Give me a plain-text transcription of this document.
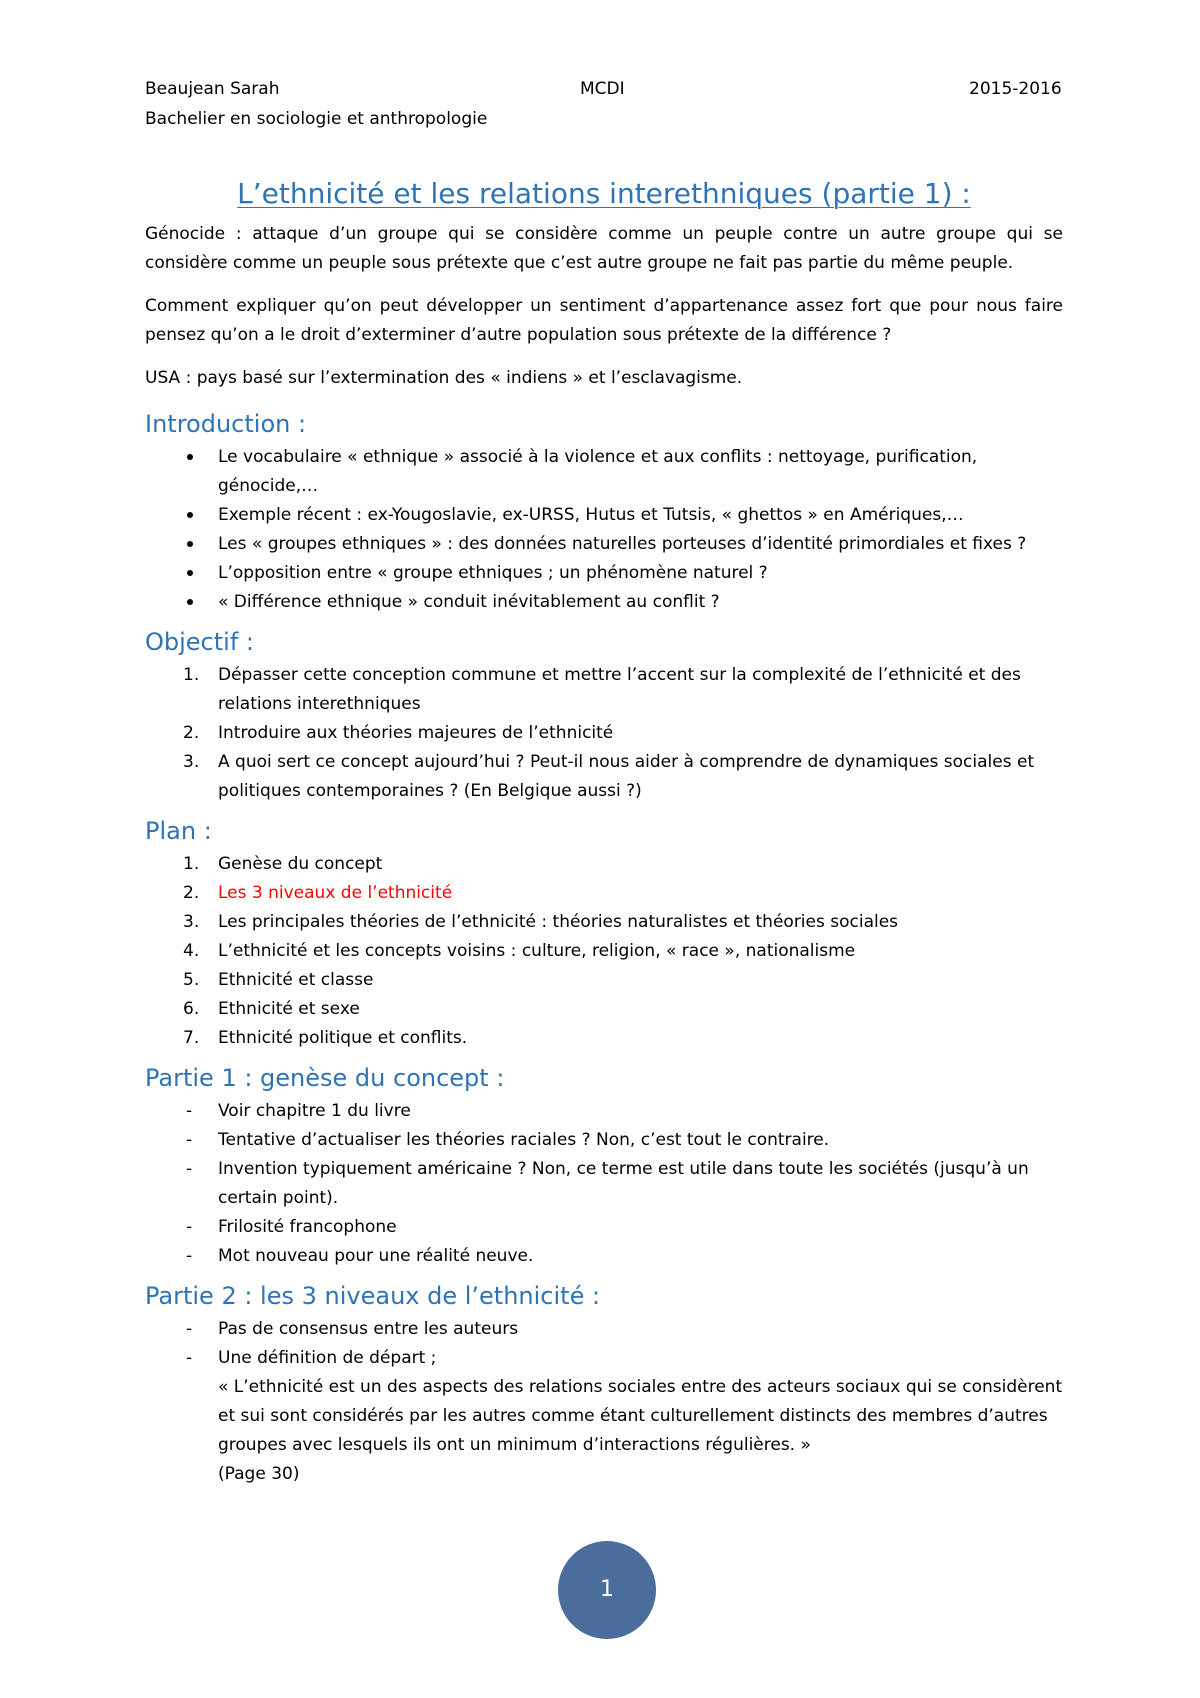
Beaujean Sarah
Bachelier en sociologie et anthropologie
MCDI	2015-2016
L’ethnicité et les relations interethniques (partie 1) :

Génocide : attaque d’un groupe qui se considère comme un peuple contre un autre groupe qui se considère comme un peuple sous prétexte que c’est autre groupe ne fait pas partie du même peuple.

Comment expliquer qu’on peut développer un sentiment d’appartenance assez fort que pour nous faire pensez qu’on a le droit d’exterminer d’autre population sous prétexte de la différence ?

USA : pays basé sur l’extermination des « indiens » et l’esclavagisme.

Introduction :
Le vocabulaire « ethnique » associé à la violence et aux conflits : nettoyage, purification, génocide,…
Exemple récent : ex-Yougoslavie, ex-URSS, Hutus et Tutsis, « ghettos » en Amériques,…
Les « groupes ethniques » : des données naturelles porteuses d’identité primordiales et fixes ?
L’opposition entre « groupe ethniques ; un phénomène naturel ?
« Différence ethnique » conduit inévitablement au conflit ?
Objectif :
1. Dépasser cette conception commune et mettre l’accent sur la complexité de l’ethnicité et des relations interethniques
2. Introduire aux théories majeures de l’ethnicité
3. A quoi sert ce concept aujourd’hui ? Peut-il nous aider à comprendre de dynamiques sociales et politiques contemporaines ? (En Belgique aussi ?)
Plan :
1. Genèse du concept
2. Les 3 niveaux de l’ethnicité
3. Les principales théories de l’ethnicité : théories naturalistes et théories sociales
4. L’ethnicité et les concepts voisins : culture, religion, « race », nationalisme
5. Ethnicité et classe
6. Ethnicité et sexe
7. Ethnicité politique et conflits.
Partie 1 : genèse du concept :
- Voir chapitre 1 du livre
- Tentative d’actualiser les théories raciales ? Non, c’est tout le contraire.
- Invention typiquement américaine ? Non, ce terme est utile dans toute les sociétés (jusqu’à un certain point).
- Frilosité francophone
- Mot nouveau pour une réalité neuve.
Partie 2 : les 3 niveaux de l’ethnicité :
- Pas de consensus entre les auteurs
- Une définition de départ ;
« L’ethnicité est un des aspects des relations sociales entre des acteurs sociaux qui se considèrent et sui sont considérés par les autres comme étant culturellement distincts des membres d’autres groupes avec lesquels ils ont un minimum d’interactions régulières. »
(Page 30)
1
